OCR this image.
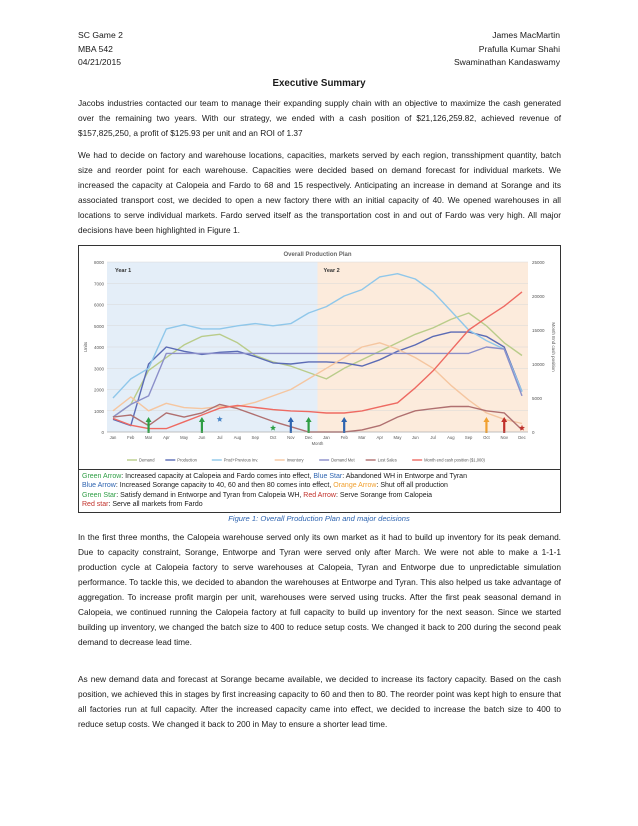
SC Game 2
MBA 542
04/21/2015
James MacMartin
Prafulla Kumar Shahi
Swaminathan Kandaswamy
Executive Summary

Jacobs industries contacted our team to manage their expanding supply chain with an objective to maximize the cash generated over the remaining two years. With our strategy, we ended with a cash position of $21,126,259.82, achieved revenue of $157,825,250, a profit of $125.93 per unit and an ROI of 1.37

We had to decide on factory and warehouse locations, capacities, markets served by each region, transshipment quantity, batch size and reorder point for each warehouse. Capacities were decided based on demand forecast for individual markets. We increased the capacity at Calopeia and Fardo to 68 and 15 respectively. Anticipating an increase in demand at Sorange and its associated transport cost, we decided to open a new factory there with an initial capacity of 40. We opened warehouses in all locations to serve individual markets. Fardo served itself as the transportation cost in and out of Fardo was very high. All major decisions have been highlighted in Figure 1.

0
1000
2000
3000
4000
5000
6000
7000
8000
0
5000
10000
15000
20000
25000
Overall Production Plan
Units	Month End cash position
Year 1	Year 2
Jan	Feb	Mar	Apr	May Jun	Jul	Aug Sep	Oct	Nov Dec	Jan	Feb	Mar	Apr	May Jun	Jul	Aug Sep	Oct	Nov Dec
Month
Demand	Production	Prod+Previous Inv.	Inventory	Demand Met	Lost Sales	Month end cash position ($1,000)
Green Arrow: Increased capacity at Calopeia and Fardo comes into effect, Blue Star: Abandoned WH in Entworpe and Tyran
Blue Arrow: Increased Sorange capacity to 40, 60 and then 80 comes into effect, Orange Arrow: Shut off all production
Green Star: Satisfy demand in Entworpe and Tyran from Calopeia WH, Red Arrow: Serve Sorange from Calopeia
Red star: Serve all markets from Fardo
Figure 1: Overall Production Plan and major decisions

In the first three months, the Calopeia warehouse served only its own market as it had to build up inventory for its peak demand. Due to capacity constraint, Sorange, Entworpe and Tyran were served only after March. We were not able to make a 1-1-1 production cycle at Calopeia factory to serve warehouses at Calopeia, Tyran and Entworpe due to unpredictable simulation performance. To tackle this, we decided to abandon the warehouses at Entworpe and Tyran. This also helped us take advantage of aggregation. To increase profit margin per unit, warehouses were served using trucks. After the first peak seasonal demand in Calopeia, we continued running the Calopeia factory at full capacity to build up inventory for the next season. Since we started building up inventory, we changed the batch size to 400 to reduce setup costs. We changed it back to 200 during the second peak demand to decrease lead time.

As new demand data and forecast at Sorange became available, we decided to increase its factory capacity. Based on the cash position, we achieved this in stages by first increasing capacity to 60 and then to 80. The reorder point was kept high to ensure that all factories run at full capacity. After the increased capacity came into effect, we decided to increase the batch size to 400 to reduce setup costs. We changed it back to 200 in May to ensure a shorter lead time.
